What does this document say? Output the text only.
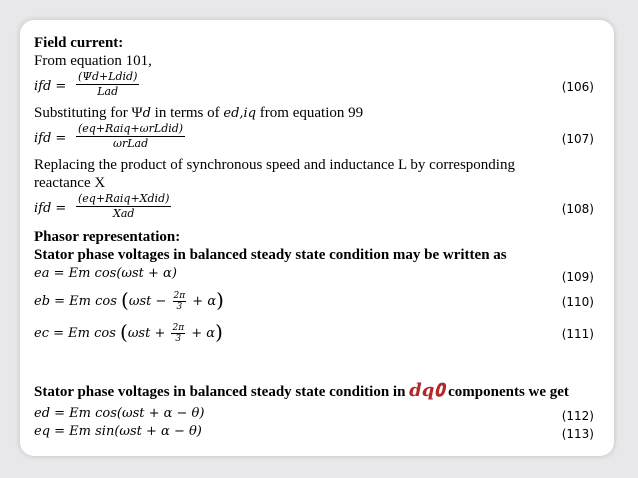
Field current:
From equation 101,
i𝑓𝑑 =
(Ψ𝑑+𝐿𝑑𝑖𝑑)
𝐿𝑎𝑑	(106)
Substituting for Ψ𝑑 in terms of 𝑒𝑑,𝑖𝑞 from equation 99
i𝑓𝑑 =
(𝑒𝑞+𝑅𝑎𝑖𝑞+ω𝑟𝐿𝑑𝑖𝑑)
ω𝑟𝐿𝑎𝑑	(107)
Replacing the product of synchronous speed and inductance L by corresponding
reactance X
i𝑓𝑑 =
(𝑒𝑞+𝑅𝑎𝑖𝑞+𝑋𝑑𝑖𝑑)
𝑋𝑎𝑑	(108)
Phasor representation:
Stator phase voltages in balanced steady state condition may be written as
𝑒𝑎 = 𝐸𝑚 cos(ω𝑠𝑡 + α)	(109)
𝑒𝑏 = 𝐸𝑚 cos (ω𝑠𝑡 − $\frac{2\pi}{3} + \alpha$)	(110)
𝑒𝑐 = 𝐸𝑚 cos (ω𝑠𝑡 + $\frac{2\pi}{3} + \alpha$)	(111)
Stator phase voltages in balanced steady state condition in 𝒅𝒒𝟎 components we get
𝑒𝑑 = 𝐸𝑚 cos(ω𝑠𝑡 + α − θ)	(112)
𝑒𝑞 = 𝐸𝑚 sin(ω𝑠𝑡 + α − θ)	(113)
